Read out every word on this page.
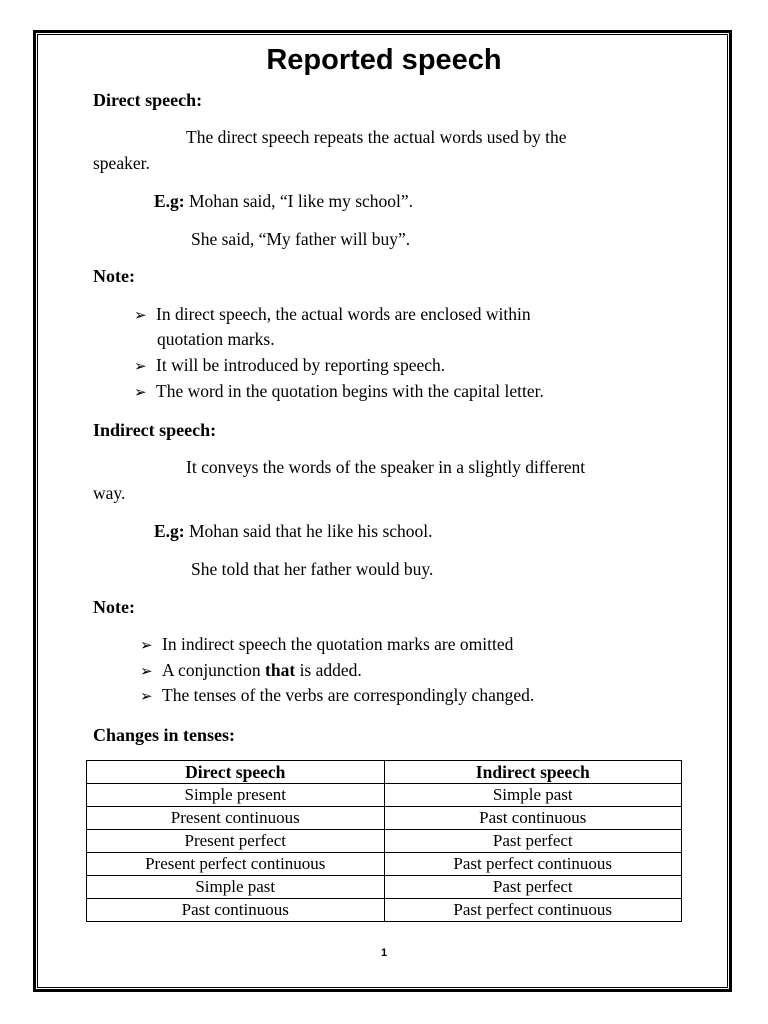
Reported speech
Direct speech:
The direct speech repeats the actual words used by the
speaker.
E.g: Mohan said, “I like my school”.
She said, “My father will buy”.
Note:
➢ In direct speech, the actual words are enclosed within
quotation marks.
➢ It will be introduced by reporting speech.
➢ The word in the quotation begins with the capital letter.
Indirect speech:
It conveys the words of the speaker in a slightly different
way.
E.g: Mohan said that he like his school.
She told that her father would buy.
Note:
➢ In indirect speech the quotation marks are omitted
➢ A conjunction that is added.
➢ The tenses of the verbs are correspondingly changed.
Changes in tenses:
Direct speech	Indirect speech
Simple present	Simple past
Present continuous	Past continuous
Present perfect	Past perfect
Present perfect continuous	Past perfect continuous
Simple past	Past perfect
Past continuous	Past perfect continuous
1
